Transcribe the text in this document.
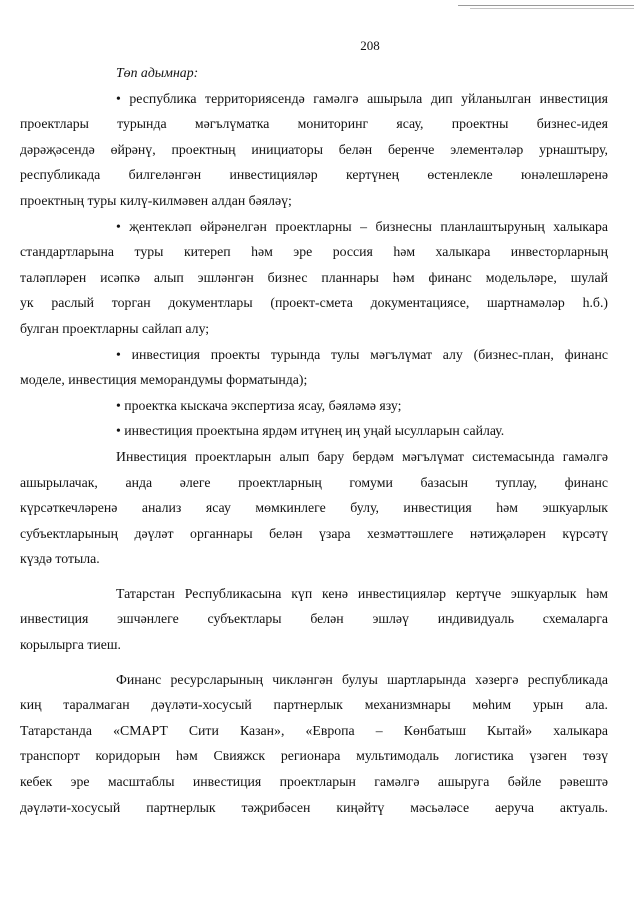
208
Төп адымнар:
• республика территориясендә гамәлгә ашырыла дип уйланылган инвестиция
проектлары турында мәгълүматка мониторинг ясау, проектны бизнес-идея
дәрәҗәсендә өйрәнү, проектның инициаторы белән беренче элементәләр урнаштыру,
республикада билгеләнгән инвестицияләр кертүнең өстенлекле юнәлешләренә
проектның туры килү-килмәвен алдан бәяләү;
• җентекләп өйрәнелгән проектларны – бизнесны планлаштыруның халыкара
стандартларына туры китереп һәм эре россия һәм халыкара инвесторларның
таләпләрен исәпкә алып эшләнгән бизнес планнары һәм финанс модельләре, шулай
ук раслый торган документлары (проект-смета документациясе, шартнамәләр һ.б.)
булган проектларны сайлап алу;
• инвестиция проекты турында тулы мәгълүмат алу (бизнес-план, финанс
моделе, инвестиция меморандумы форматында);
• проектка кыскача экспертиза ясау, бәяләмә язу;
• инвестиция проектына ярдәм итүнең иң уңай ысулларын сайлау.
Инвестиция проектларын алып бару бердәм мәгълүмат системасында гамәлгә
ашырылачак, анда әлеге проектларның гомуми базасын туплау, финанс
күрсәткечләренә анализ ясау мөмкинлеге булу, инвестиция һәм эшкуарлык
субъектларының дәүләт органнары белән үзара хезмәттәшлеге нәтиҗәләрен күрсәтү
күздә тотыла.
Татарстан Республикасына күп кенә инвестицияләр кертүче эшкуарлык һәм
инвестиция эшчәнлеге субъектлары белән эшләү индивидуаль схемаларга
корылырга тиеш.
Финанс ресурсларының чикләнгән булуы шартларында хәзергә республикада
киң таралмаган дәүләти-хосусый партнерлык механизмнары мөһим урын ала.
Татарстанда «СМАРТ Сити Казан», «Европа – Көнбатыш Кытай» халыкара
транспорт коридорын һәм Свияжск регионара мультимодаль логистика үзәген төзү
кебек эре масштаблы инвестиция проектларын гамәлгә ашыруга бәйле рәвештә
дәүләти-хосусый партнерлык тәҗрибәсен киңәйтү мәсьәләсе аеруча актуаль.
